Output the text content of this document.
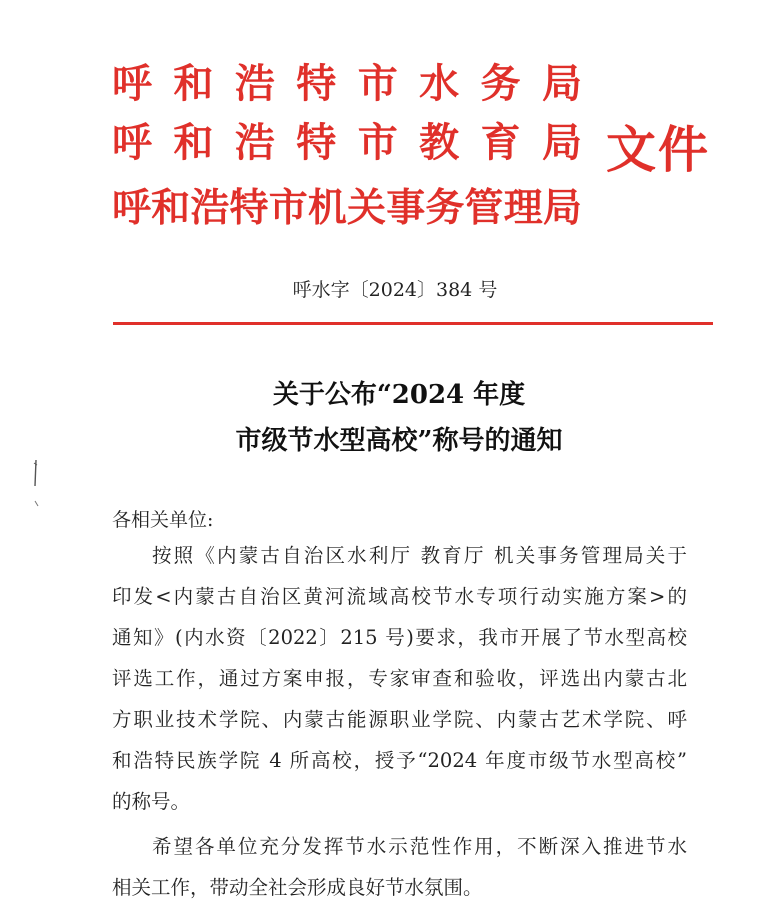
呼 和 浩 特 市 水 务 局
呼 和 浩 特 市 教 育 局
呼 和 浩 特 市 机 关 事 务 管 理 局
文件
呼水字〔2024〕384 号
关于公布“2024 年度
市级节水型高校”称号的通知
各相关单位:
按照《内蒙古自治区水利厅 教育厅 机关事务管理局关于
印发<内蒙古自治区黄河流域高校节水专项行动实施方案>的
通知》(内水资〔2022〕215 号)要求，我市开展了节水型高校
评选工作，通过方案申报，专家审查和验收，评选出内蒙古北
方职业技术学院、内蒙古能源职业学院、内蒙古艺术学院、呼
和浩特民族学院 4 所高校，授予“2024 年度市级节水型高校”
的称号。
希望各单位充分发挥节水示范性作用，不断深入推进节水
相关工作，带动全社会形成良好节水氛围。
